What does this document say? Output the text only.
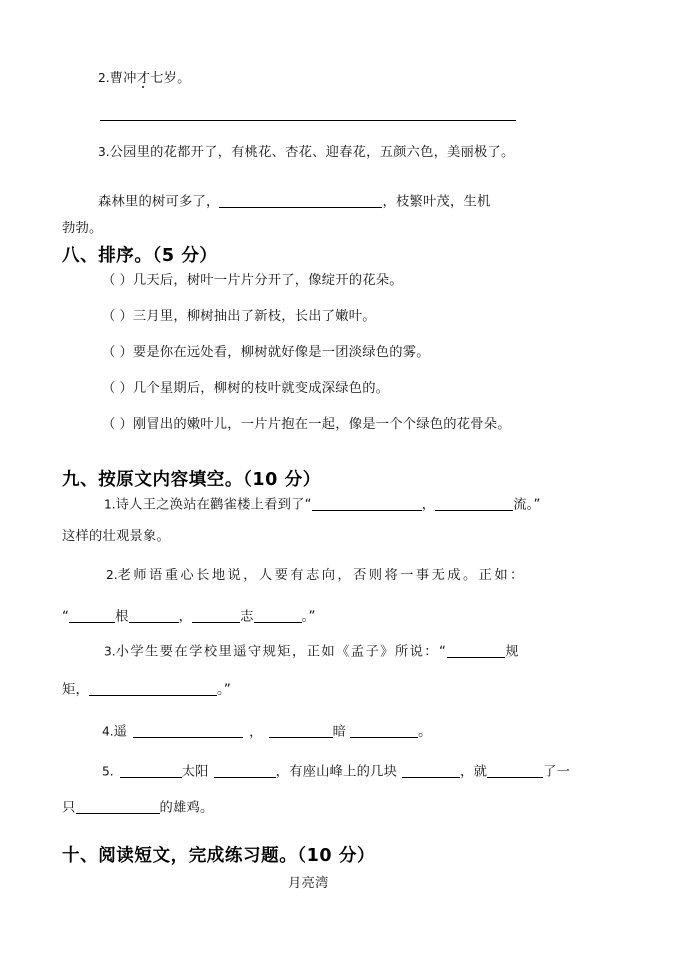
2.曹冲才七岁。
3.公园里的花都开了，有桃花、杏花、迎春花，五颜六色，美丽极了。
森林里的树可多了，	，枝繁叶茂，生机
勃勃。
八、排序。（5 分）
（ ）几天后，树叶一片片分开了，像绽开的花朵。
（ ）三月里，柳树抽出了新枝，长出了嫩叶。
（ ）要是你在远处看，柳树就好像是一团淡绿色的雾。
（ ）几个星期后，柳树的枝叶就变成深绿色的。
（ ）刚冒出的嫩叶儿，一片片抱在一起，像是一个个绿色的花骨朵。
九、按原文内容填空。（10 分）
1.诗人王之涣站在鹳雀楼上看到了“	，	流。”
这样的壮观景象。
2.老师语重心长地说，人要有志向，否则将一事无成。正如：
“	根	，	志	。”
3.小学生要在学校里遥守规矩，正如《孟子》所说：“	规
矩，	。”
4.遥	，	暗	。
5.	太阳	，有座山峰上的几块	，就	了一
只	的雄鸡。
十、阅读短文，完成练习题。（10 分）
月亮湾
